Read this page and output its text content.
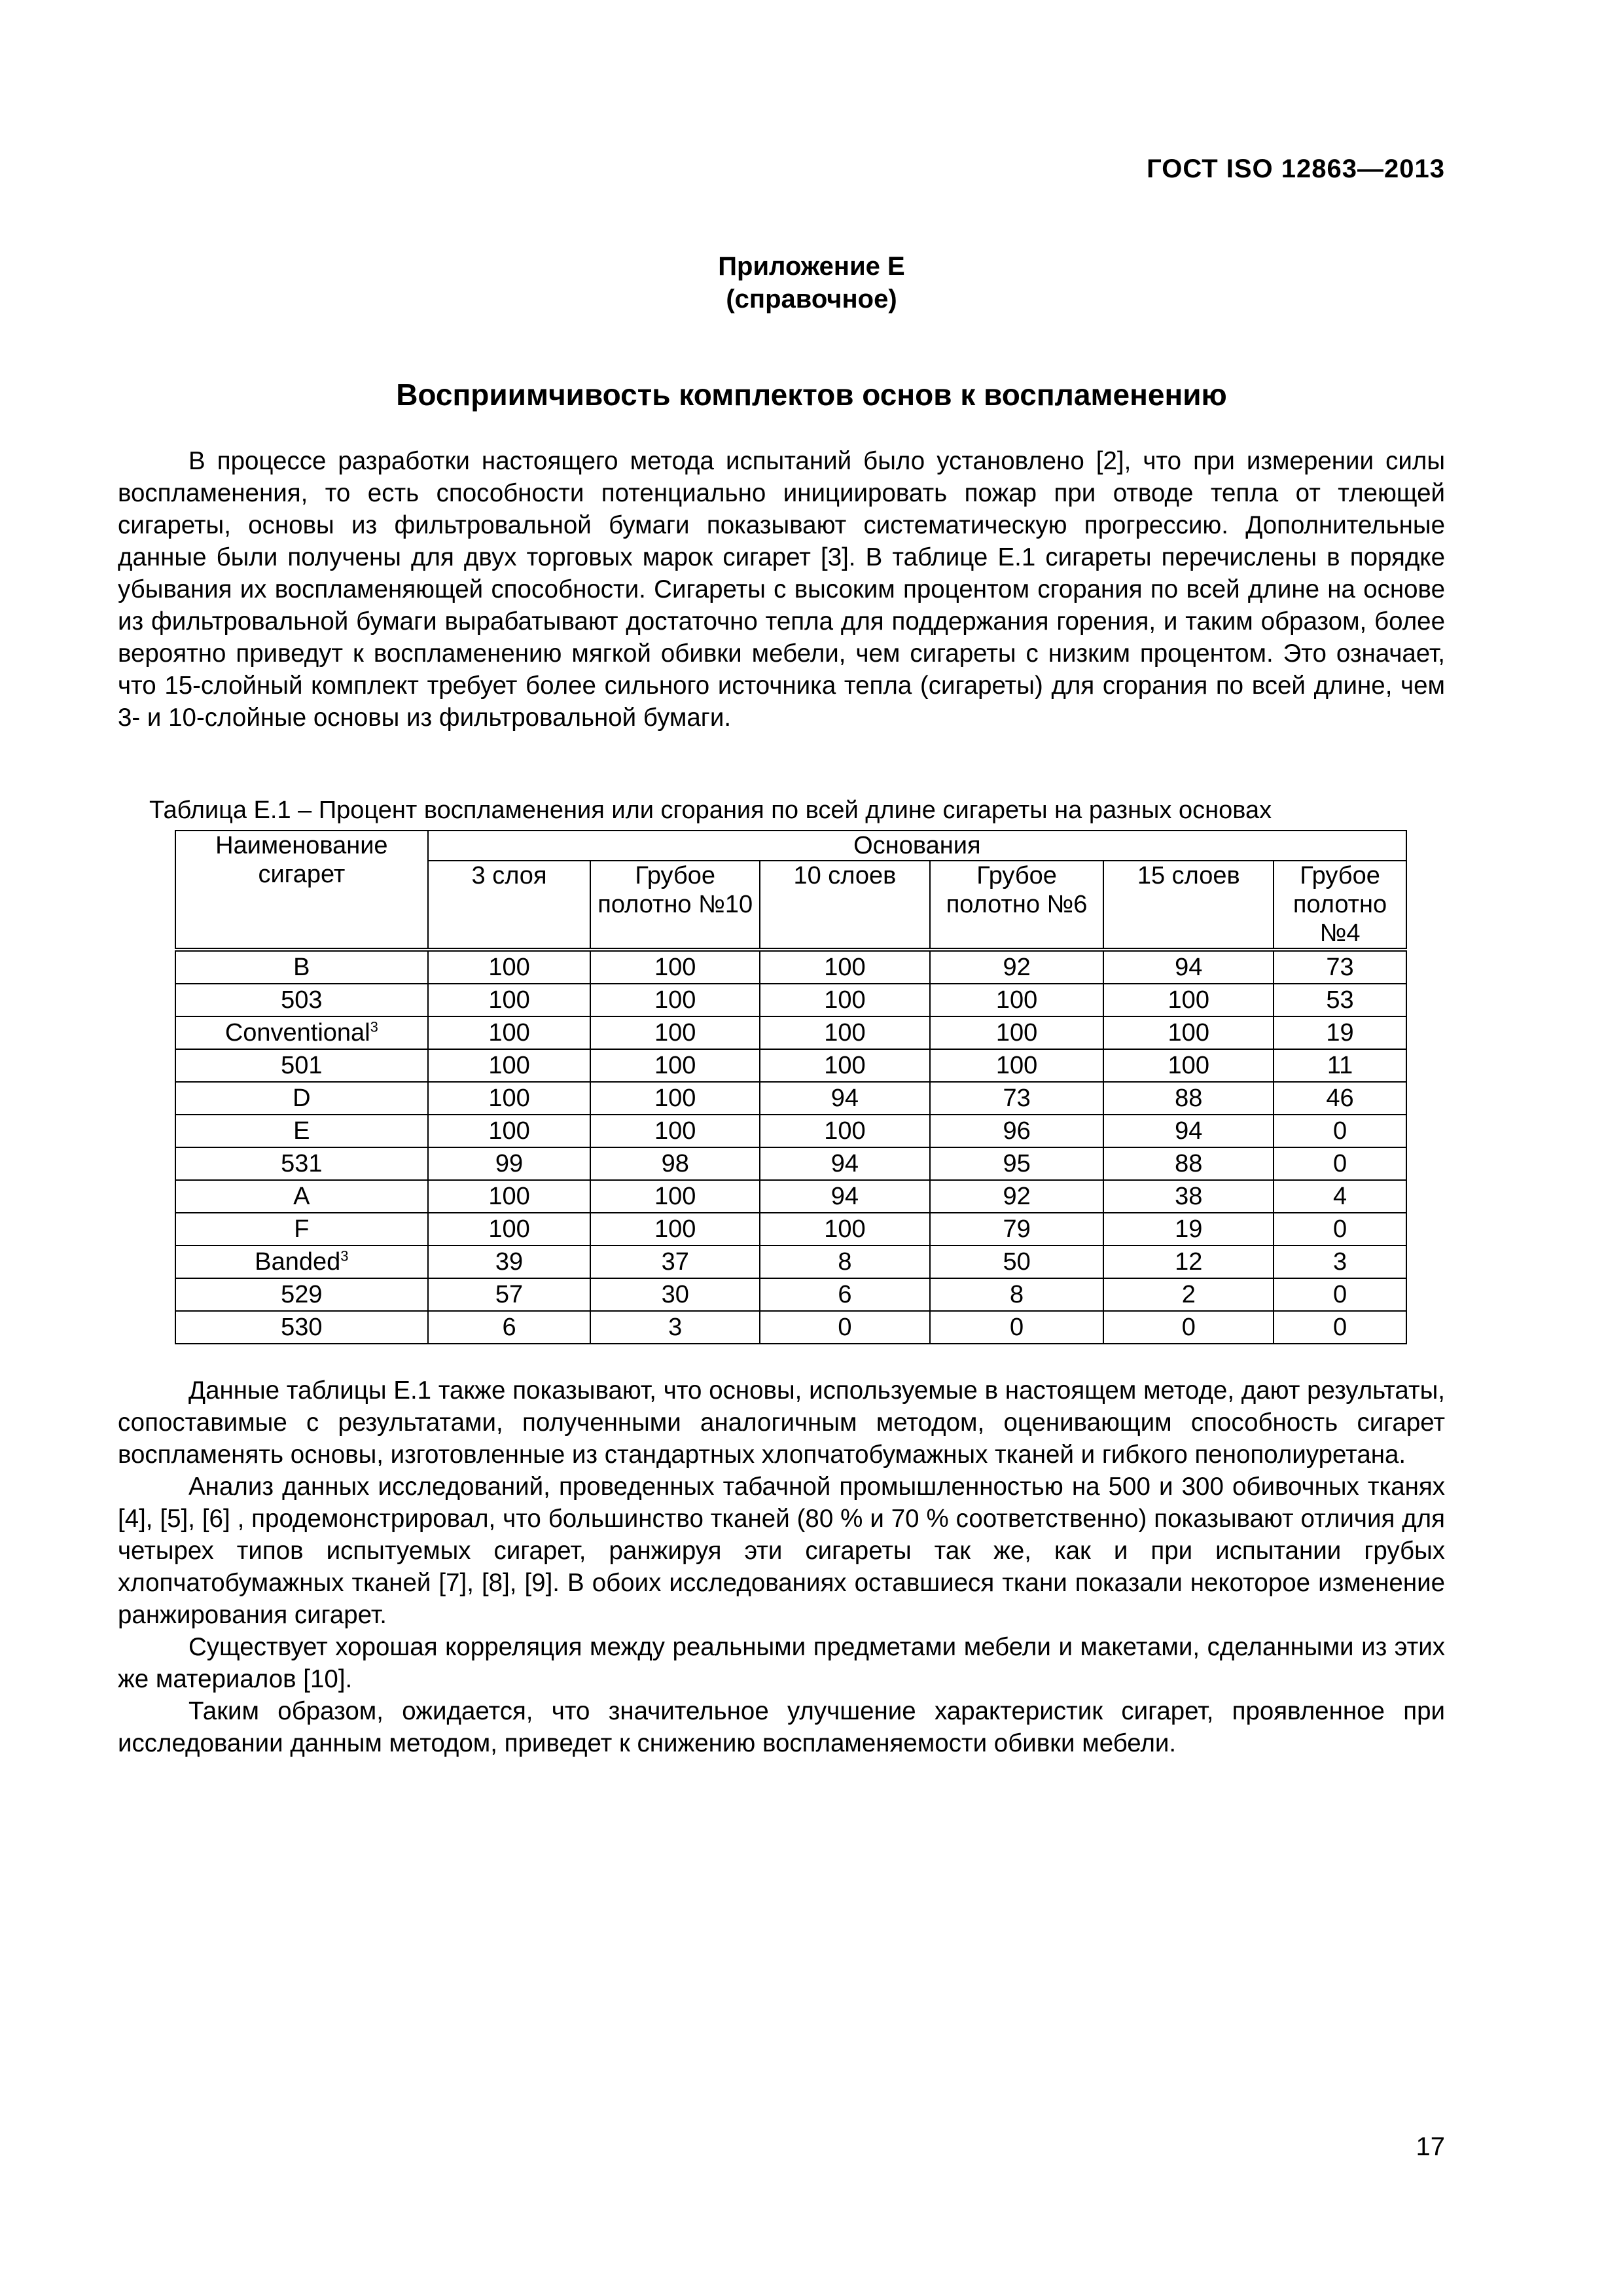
ГОСТ ISO 12863—2013
Приложение E
(справочное)
Восприимчивость комплектов основ к воспламенению

В процессе разработки настоящего метода испытаний было установлено [2], что при измерении силы воспламенения, то есть способности потенциально инициировать пожар при отводе тепла от тлеющей сигареты, основы из фильтровальной бумаги показывают систематическую прогрессию. Дополнительные данные были получены для двух торговых марок сигарет [3]. В таблице Е.1 сигареты перечислены в порядке убывания их воспламеняющей способности. Сигареты с высоким процентом сгорания по всей длине на основе из фильтровальной бумаги вырабатывают достаточно тепла для поддержания горения, и таким образом, более вероятно приведут к воспламенению мягкой обивки мебели, чем сигареты с низким процентом. Это означает, что 15-слойный комплект требует более сильного источника тепла (сигареты) для сгорания по всей длине, чем 3- и 10-слойные основы из фильтровальной бумаги.

Таблица Е.1 – Процент воспламенения или сгорания по всей длине сигареты на разных основах
Наименование сигарет	Основания					
	3 слоя	Грубое полотно №10	10 слоев	Грубое полотно №6	15 слоев	Грубое полотно №4
B	100	100	100	92	94	73
503	100	100	100	100	100	53
Conventional$^3$	100	100	100	100	100	19
501	100	100	100	100	100	11
D	100	100	94	73	88	46
E	100	100	100	96	94	0
531	99	98	94	95	88	0
A	100	100	94	92	38	4
F	100	100	100	79	19	0
Banded$^3$	39	37	8	50	12	3
529	57	30	6	8	2	0
530	6	3	0	0	0	0

Данные таблицы Е.1 также показывают, что основы, используемые в настоящем методе, дают результаты, сопоставимые с результатами, полученными аналогичным методом, оценивающим способность сигарет воспламенять основы, изготовленные из стандартных хлопчатобумажных тканей и гибкого пенополиуретана.

Анализ данных исследований, проведенных табачной промышленностью на 500 и 300 обивочных тканях [4], [5], [6] , продемонстрировал, что большинство тканей (80 % и 70 % соответственно) показывают отличия для четырех типов испытуемых сигарет, ранжируя эти сигареты так же, как и при испытании грубых хлопчатобумажных тканей [7], [8], [9]. В обоих исследованиях оставшиеся ткани показали некоторое изменение ранжирования сигарет.

Существует хорошая корреляция между реальными предметами мебели и макетами, сделанными из этих же материалов [10].

Таким образом, ожидается, что значительное улучшение характеристик сигарет, проявленное при исследовании данным методом, приведет к снижению воспламеняемости обивки мебели.

17
